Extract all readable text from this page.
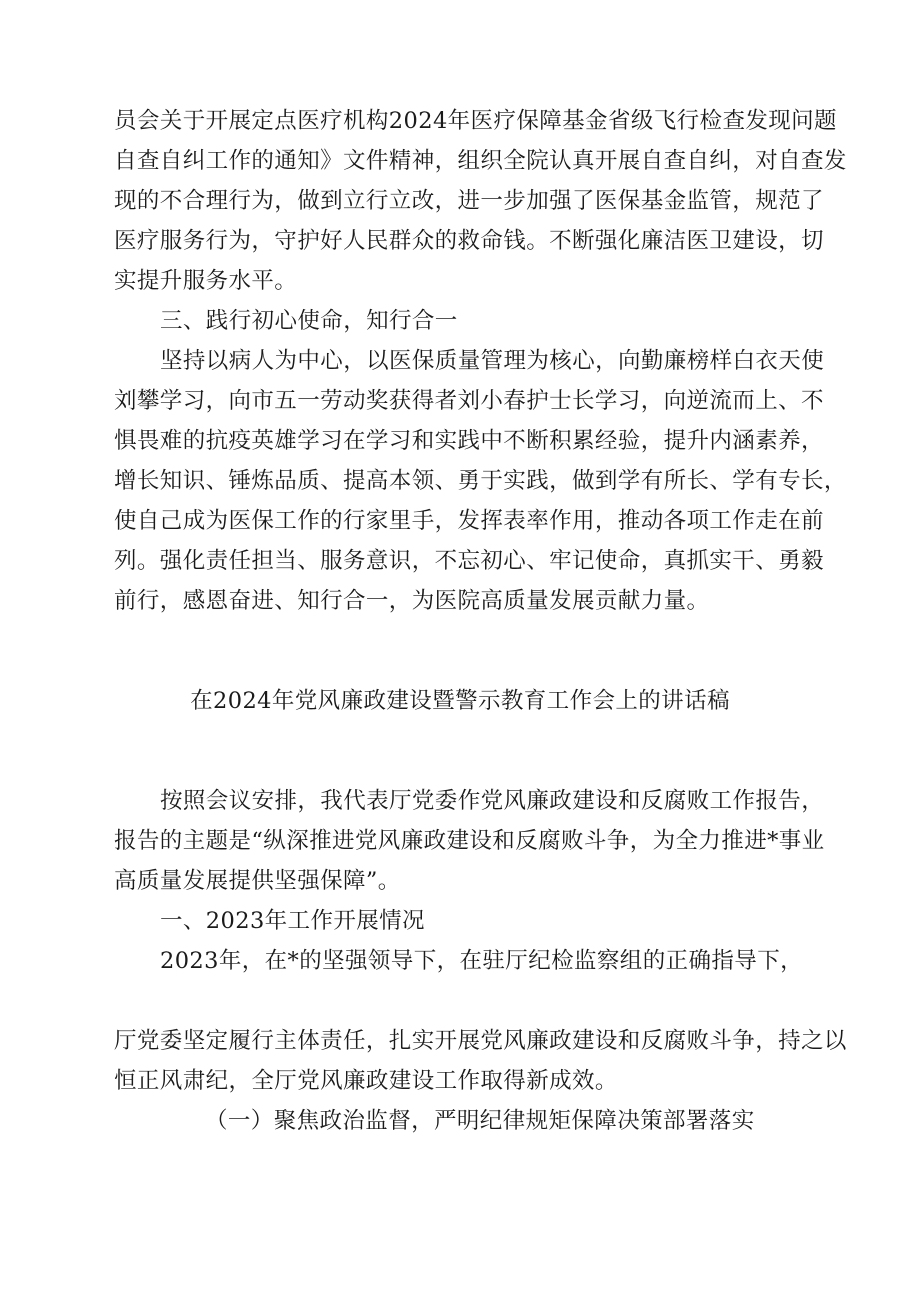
员会关于开展定点医疗机构2024年医疗保障基金省级飞行检查发现问题
自查自纠工作的通知》文件精神，组织全院认真开展自查自纠，对自查发
现的不合理行为，做到立行立改，进一步加强了医保基金监管，规范了
医疗服务行为，守护好人民群众的救命钱。不断强化廉洁医卫建设，切
实提升服务水平。
三、践行初心使命，知行合一
坚持以病人为中心，以医保质量管理为核心，向勤廉榜样白衣天使
刘攀学习，向市五一劳动奖获得者刘小春护士长学习，向逆流而上、不
惧畏难的抗疫英雄学习在学习和实践中不断积累经验，提升内涵素养，
增长知识、锤炼品质、提高本领、勇于实践，做到学有所长、学有专长，
使自己成为医保工作的行家里手，发挥表率作用，推动各项工作走在前
列。强化责任担当、服务意识，不忘初心、牢记使命，真抓实干、勇毅
前行，感恩奋进、知行合一，为医院高质量发展贡献力量。
在2024年党风廉政建设暨警示教育工作会上的讲话稿
按照会议安排，我代表厅党委作党风廉政建设和反腐败工作报告，
报告的主题是“纵深推进党风廉政建设和反腐败斗争，为全力推进*事业
高质量发展提供坚强保障”。
一、2023年工作开展情况
2023年，在*的坚强领导下，在驻厅纪检监察组的正确指导下，
厅党委坚定履行主体责任，扎实开展党风廉政建设和反腐败斗争，持之以
恒正风肃纪，全厅党风廉政建设工作取得新成效。
（一）聚焦政治监督，严明纪律规矩保障决策部署落实
